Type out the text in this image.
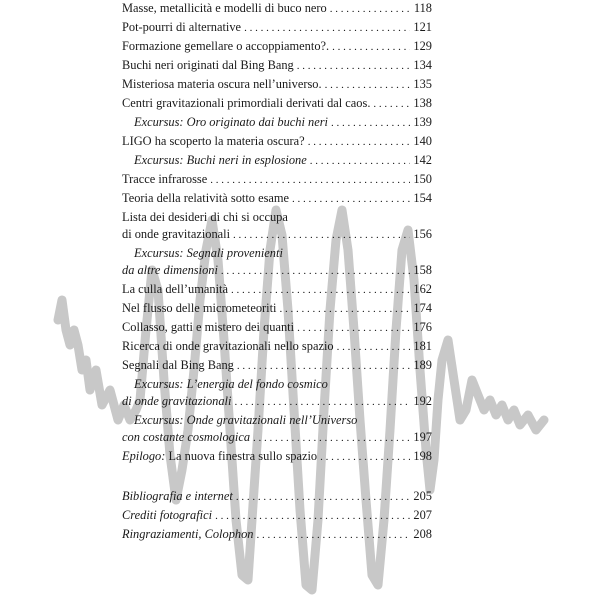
Masse, metallicità e modelli di buco nero . . .	118
Pot-pourri di alternative . . .	121
Formazione gemellare o accoppiamento?. . . .	129
Buchi neri originati dal Bing Bang . . .	134
Misteriosa materia oscura nell’universo. . . .	135
Centri gravitazionali primordiali derivati dal caos. . . .	138
Excursus: Oro originato dai buchi neri . . .	139
LIGO ha scoperto la materia oscura? . . .	140
Excursus: Buchi neri in esplosione . . .	142
Tracce infrarosse . . .	150
Teoria della relatività sotto esame . . .	154
Lista dei desideri di chi si occupa
di onde gravitazionali . . .	156
Excursus: Segnali provenienti
da altre dimensioni . . .	158
La culla dell’umanità . . .	162
Nel flusso delle micrometeoriti . . .	174
Collasso, gatti e mistero dei quanti . . .	176
Ricerca di onde gravitazionali nello spazio . . .	181
Segnali dal Bing Bang . . .	189
Excursus: L’energia del fondo cosmico
di onde gravitazionali . . .	192
Excursus: Onde gravitazionali nell’Universo
con costante cosmologica . . .	197
Epilogo: La nuova finestra sullo spazio . . .	198
Bibliografia e internet . . .	205
Crediti fotografici . . .	207
Ringraziamenti, Colophon . . .	208
